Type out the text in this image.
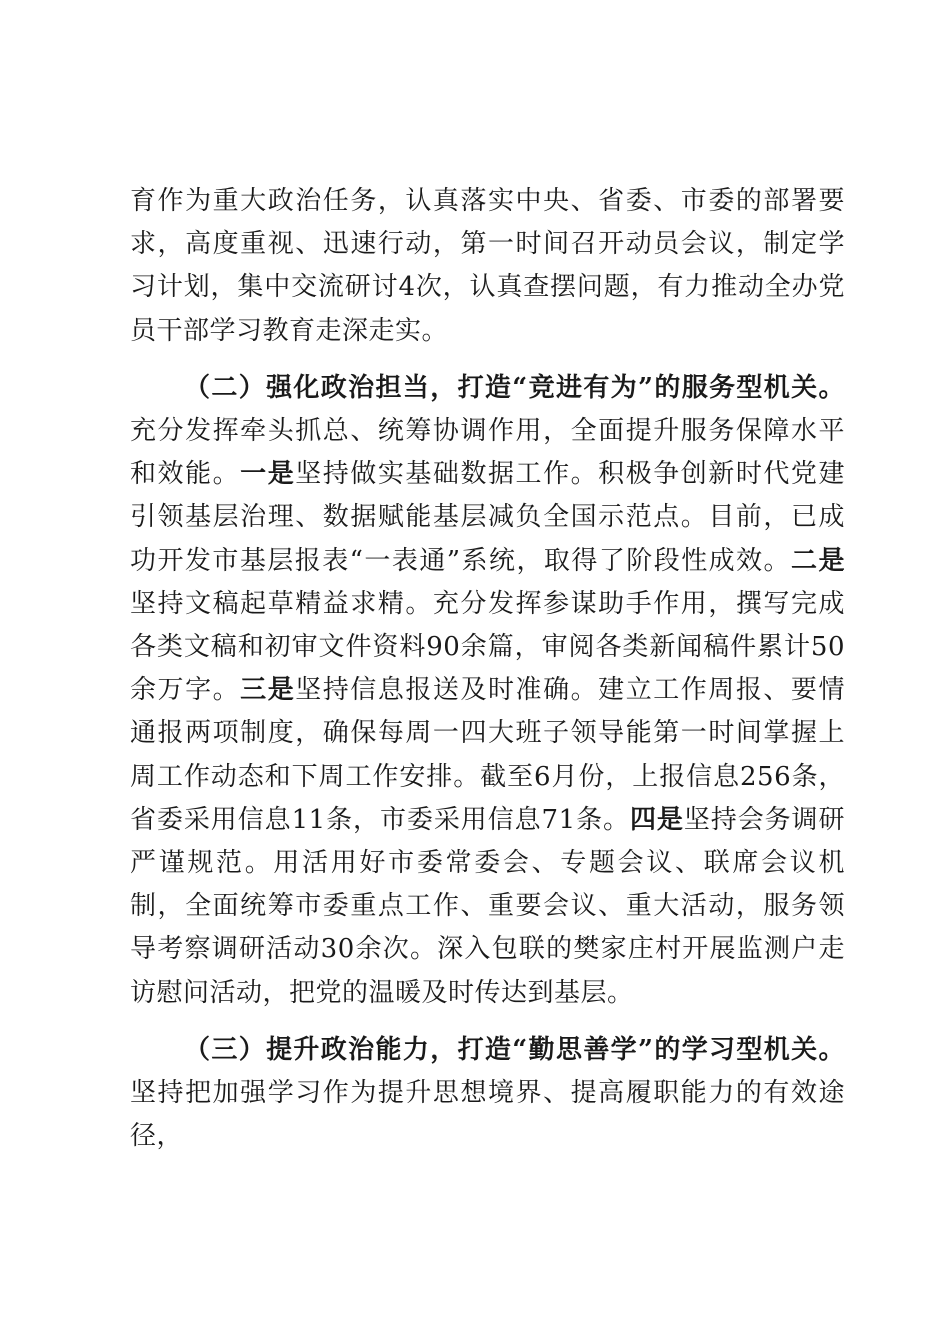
育作为重大政治任务，认真落实中央、省委、市委的部署要求，高度重视、迅速行动，第一时间召开动员会议，制定学习计划，集中交流研讨4次，认真查摆问题，有力推动全办党员干部学习教育走深走实。

（二）强化政治担当，打造“竞进有为”的服务型机关。充分发挥牵头抓总、统筹协调作用，全面提升服务保障水平和效能。一是坚持做实基础数据工作。积极争创新时代党建引领基层治理、数据赋能基层减负全国示范点。目前，已成功开发市基层报表“一表通”系统，取得了阶段性成效。二是坚持文稿起草精益求精。充分发挥参谋助手作用，撰写完成各类文稿和初审文件资料90余篇，审阅各类新闻稿件累计50余万字。三是坚持信息报送及时准确。建立工作周报、要情通报两项制度，确保每周一四大班子领导能第一时间掌握上周工作动态和下周工作安排。截至6月份，上报信息256条，省委采用信息11条，市委采用信息71条。四是坚持会务调研严谨规范。用活用好市委常委会、专题会议、联席会议机制，全面统筹市委重点工作、重要会议、重大活动，服务领导考察调研活动30余次。深入包联的樊家庄村开展监测户走访慰问活动，把党的温暖及时传达到基层。

（三）提升政治能力，打造“勤思善学”的学习型机关。坚持把加强学习作为提升思想境界、提高履职能力的有效途径，
